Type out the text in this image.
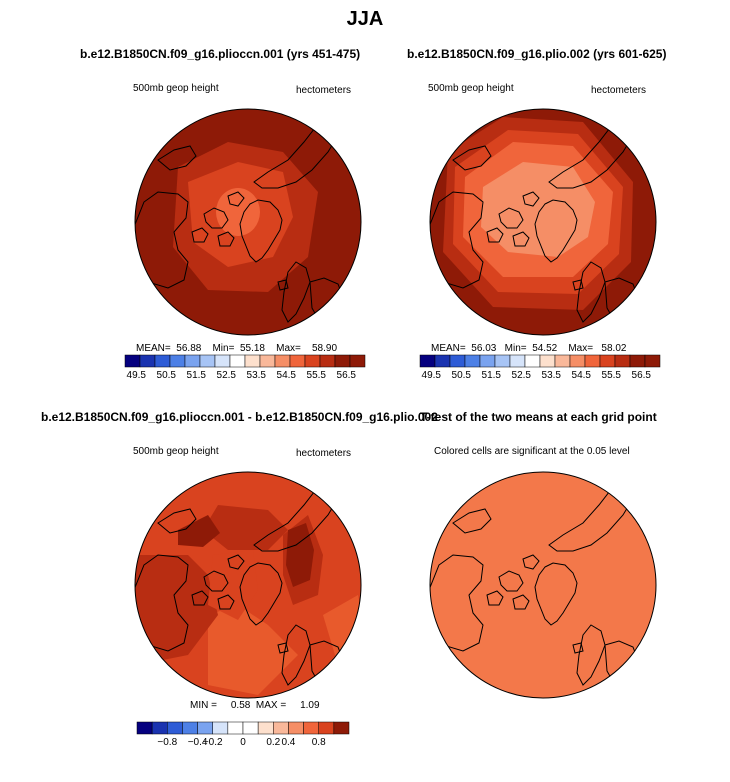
JJA
b.e12.B1850CN.f09_g16.plioccn.001 (yrs 451-475)	b.e12.B1850CN.f09_g16.plio.002 (yrs 601-625)
b.e12.B1850CN.f09_g16.plioccn.001 - b.e12.B1850CN.f09_g16.plio.002
T-test of the two means at each grid point
500mb geop height	hectometers	500mb geop height	hectometers
500mb geop height	hectometers	Colored cells are significant at the 0.05 level
MEAN= 56.88 Min= 55.18 Max= 58.90	MEAN= 56.03 Min= 54.52 Max= 58.02
MIN = 0.58 MAX = 1.09
49.5 50.5 51.5 52.5 53.5 54.5 55.5 56.5	49.5 50.5 51.5 52.5 53.5 54.5 55.5 56.5
−0.8 −0.4
−0.2 0 0.2 0.4 0.8
